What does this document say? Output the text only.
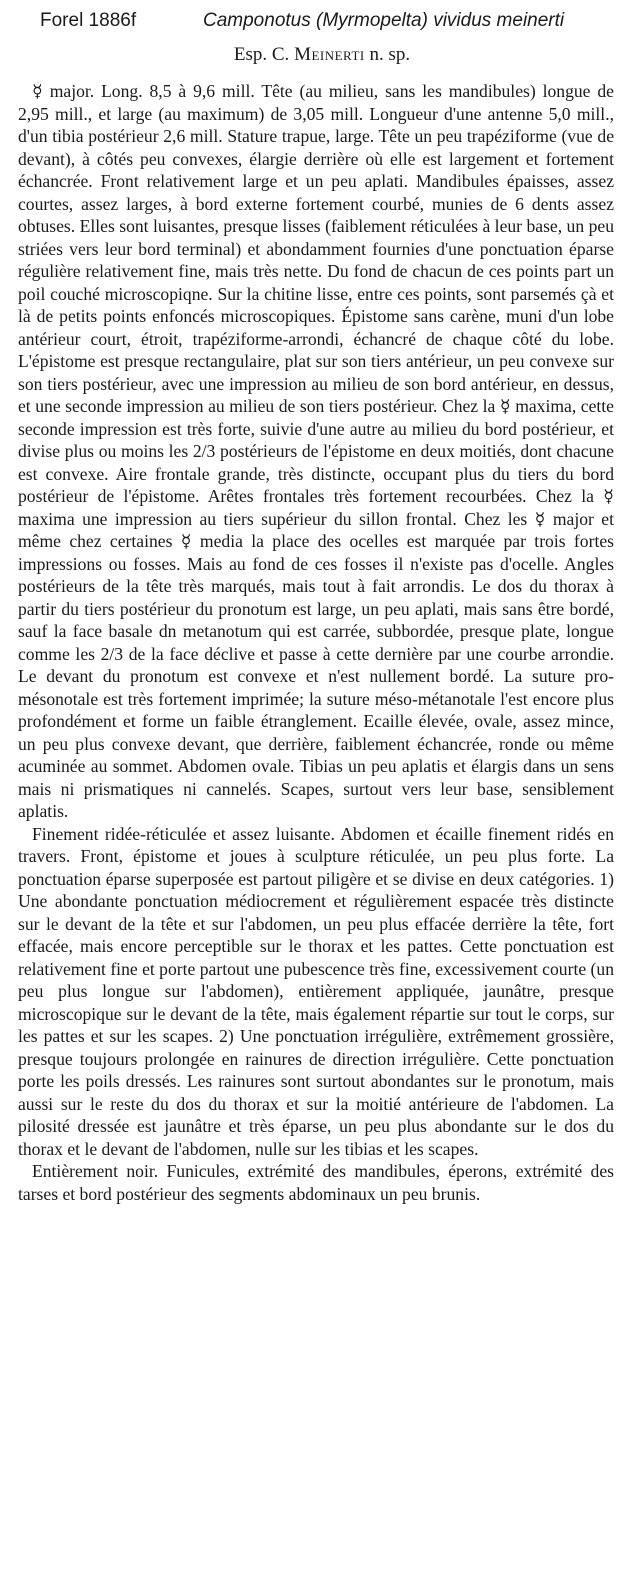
Forel 1886f	Camponotus (Myrmopelta) vividus meinerti
Esp. C. Meinerti n. sp.

☿ major. Long. 8,5 à 9,6 mill. Tête (au milieu, sans les mandibules) longue de 2,95 mill., et large (au maximum) de 3,05 mill. Longueur d'une antenne 5,0 mill., d'un tibia postérieur 2,6 mill. Stature trapue, large. Tête un peu trapéziforme (vue de devant), à côtés peu convexes, élargie derrière où elle est largement et fortement échancrée. Front relativement large et un peu aplati. Mandibules épaisses, assez courtes, assez larges, à bord externe fortement courbé, munies de 6 dents assez obtuses. Elles sont luisantes, presque lisses (faiblement réticulées à leur base, un peu striées vers leur bord terminal) et abondamment fournies d'une ponctuation éparse régulière relativement fine, mais très nette. Du fond de chacun de ces points part un poil couché microscopiqne. Sur la chitine lisse, entre ces points, sont parsemés çà et là de petits points enfoncés microscopiques. Épistome sans carène, muni d'un lobe antérieur court, étroit, trapéziforme-arrondi, échancré de chaque côté du lobe. L'épistome est presque rectangulaire, plat sur son tiers antérieur, un peu convexe sur son tiers postérieur, avec une impression au milieu de son bord antérieur, en dessus, et une seconde impression au milieu de son tiers postérieur. Chez la ☿ maxima, cette seconde impression est très forte, suivie d'une autre au milieu du bord postérieur, et divise plus ou moins les 2/3 postérieurs de l'épistome en deux moitiés, dont chacune est convexe. Aire frontale grande, très distincte, occupant plus du tiers du bord postérieur de l'épistome. Arêtes frontales très fortement recourbées. Chez la ☿ maxima une impression au tiers supérieur du sillon frontal. Chez les ☿ major et même chez certaines ☿ media la place des ocelles est marquée par trois fortes impressions ou fosses. Mais au fond de ces fosses il n'existe pas d'ocelle. Angles postérieurs de la tête très marqués, mais tout à fait arrondis. Le dos du thorax à partir du tiers postérieur du pronotum est large, un peu aplati, mais sans être bordé, sauf la face basale dn metanotum qui est carrée, subbordée, presque plate, longue comme les 2/3 de la face déclive et passe à cette dernière par une courbe arrondie. Le devant du pronotum est convexe et n'est nullement bordé. La suture pro-mésonotale est très fortement imprimée; la suture méso-métanotale l'est encore plus profondément et forme un faible étranglement. Ecaille élevée, ovale, assez mince, un peu plus convexe devant, que derrière, faiblement échancrée, ronde ou même acuminée au sommet. Abdomen ovale. Tibias un peu aplatis et élargis dans un sens mais ni prismatiques ni cannelés. Scapes, surtout vers leur base, sensiblement aplatis.

Finement ridée-réticulée et assez luisante. Abdomen et écaille finement ridés en travers. Front, épistome et joues à sculpture réticulée, un peu plus forte. La ponctuation éparse superposée est partout piligère et se divise en deux catégories. 1) Une abondante ponctuation médiocrement et régulièrement espacée très distincte sur le devant de la tête et sur l'abdomen, un peu plus effacée derrière la tête, fort effacée, mais encore perceptible sur le thorax et les pattes. Cette ponctuation est relativement fine et porte partout une pubescence très fine, excessivement courte (un peu plus longue sur l'abdomen), entièrement appliquée, jaunâtre, presque microscopique sur le devant de la tête, mais également répartie sur tout le corps, sur les pattes et sur les scapes. 2) Une ponctuation irrégulière, extrêmement grossière, presque toujours prolongée en rainures de direction irrégulière. Cette ponctuation porte les poils dressés. Les rainures sont surtout abondantes sur le pronotum, mais aussi sur le reste du dos du thorax et sur la moitié antérieure de l'abdomen. La pilosité dressée est jaunâtre et très éparse, un peu plus abondante sur le dos du thorax et le devant de l'abdomen, nulle sur les tibias et les scapes.

Entièrement noir. Funicules, extrémité des mandibules, éperons, extrémité des tarses et bord postérieur des segments abdominaux un peu brunis.
